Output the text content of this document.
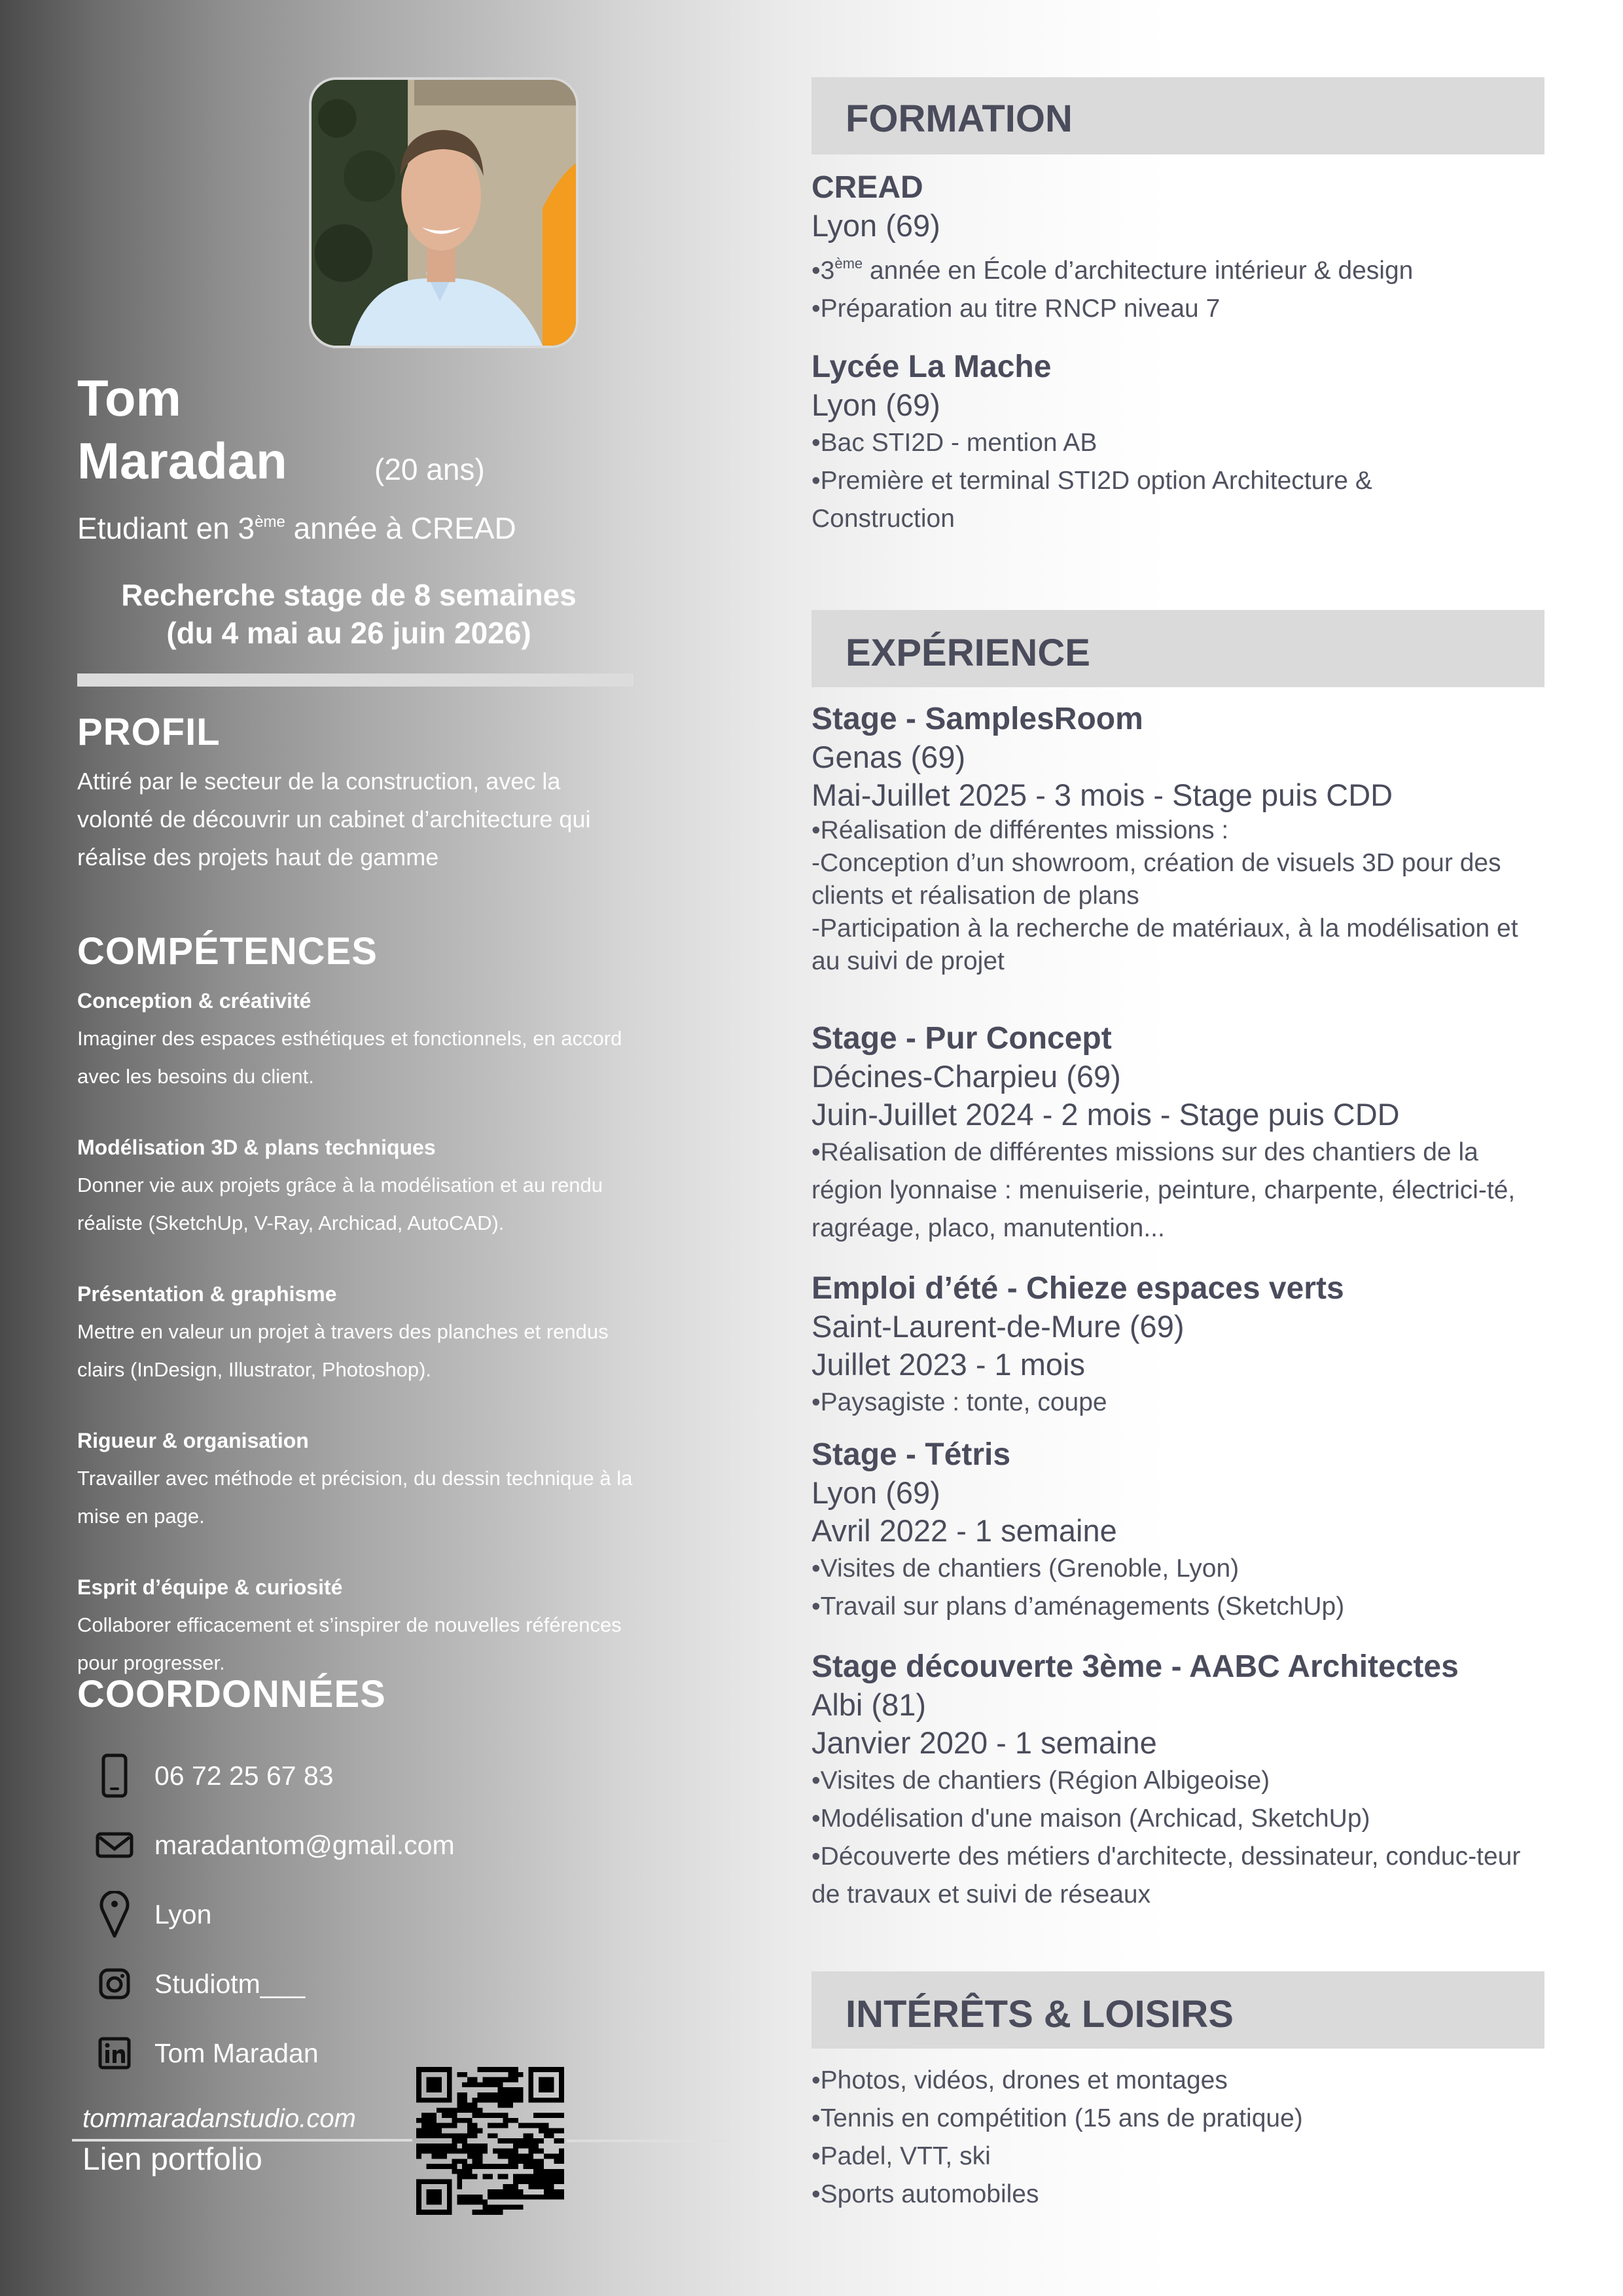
Tom
Maradan	(20 ans)
Etudiant en 3ème année à CREAD
Recherche stage de 8 semaines
(du 4 mai au 26 juin 2026)
PROFIL
Attiré par le secteur de la construction, avec la volonté de découvrir un cabinet d’architecture qui réalise des projets haut de gamme
COMPÉTENCES
Conception & créativité
Imaginer des espaces esthétiques et fonctionnels, en accord avec les besoins du client.
Modélisation 3D & plans techniques
Donner vie aux projets grâce à la modélisation et au rendu réaliste (SketchUp, V-Ray, Archicad, AutoCAD).
Présentation & graphisme
Mettre en valeur un projet à travers des planches et rendus clairs (InDesign, Illustrator, Photoshop).
Rigueur & organisation
Travailler avec méthode et précision, du dessin technique à la mise en page.
Esprit d’équipe & curiosité
Collaborer efficacement et s’inspirer de nouvelles références pour progresser.
COORDONNÉES
06 72 25 67 83
maradantom@gmail.com
Lyon
Studiotm___
Tom Maradan
tommaradanstudio.com
Lien portfolio
FORMATION
CREAD
Lyon (69)
•3ème année en École d’architecture intérieur & design
•Préparation au titre RNCP niveau 7
Lycée La Mache
Lyon (69)
•Bac STI2D - mention AB
•Première et terminal STI2D option Architecture & Construction
EXPÉRIENCE
Stage - SamplesRoom
Genas (69)
Mai-Juillet 2025 - 3 mois - Stage puis CDD
•Réalisation de différentes missions :
-Conception d’un showroom, création de visuels 3D pour des clients et réalisation de plans
-Participation à la recherche de matériaux, à la modélisation et au suivi de projet
Stage - Pur Concept
Décines-Charpieu (69)
Juin-Juillet 2024 - 2 mois - Stage puis CDD
•Réalisation de différentes missions sur des chantiers de la région lyonnaise : menuiserie, peinture, charpente, électrici-té, ragréage, placo, manutention...
Emploi d’été - Chieze espaces verts
Saint-Laurent-de-Mure (69)
Juillet 2023 - 1 mois
•Paysagiste : tonte, coupe
Stage - Tétris
Lyon (69)
Avril 2022 - 1 semaine
•Visites de chantiers (Grenoble, Lyon)
•Travail sur plans d’aménagements (SketchUp)
Stage découverte 3ème - AABC Architectes
Albi (81)
Janvier 2020 - 1 semaine
•Visites de chantiers (Région Albigeoise)
•Modélisation d'une maison (Archicad, SketchUp)
•Découverte des métiers d'architecte, dessinateur, conduc-teur de travaux et suivi de réseaux
INTÉRÊTS & LOISIRS
•Photos, vidéos, drones et montages
•Tennis en compétition (15 ans de pratique)
•Padel, VTT, ski
•Sports automobiles
